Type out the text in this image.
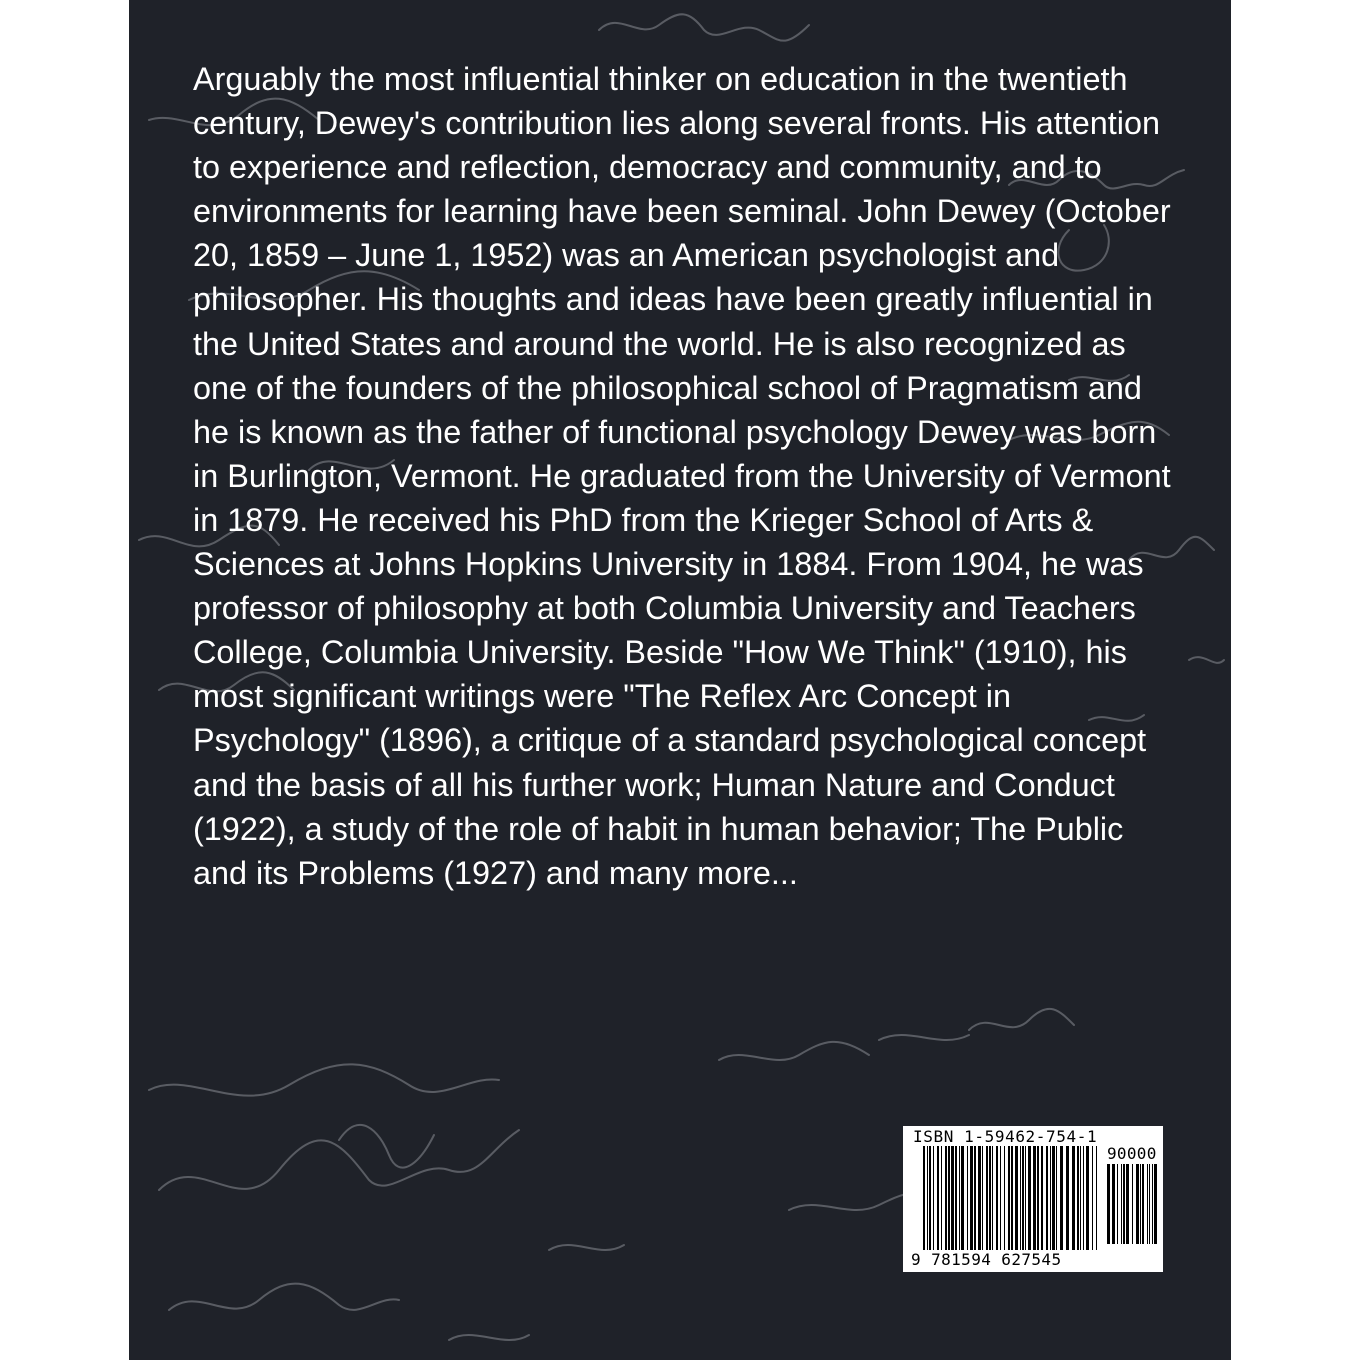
Arguably the most influential thinker on education in the twentieth century, Dewey's contribution lies along several fronts. His attention to experience and reflection, democracy and community, and to environments for learning have been seminal. John Dewey (October 20, 1859 – June 1, 1952) was an American psychologist and philosopher. His thoughts and ideas have been greatly influential in the United States and around the world. He is also recognized as one of the founders of the philosophical school of Pragmatism and he is known as the father of functional psychology Dewey was born in Burlington, Vermont. He graduated from the University of Vermont in 1879. He received his PhD from the Krieger School of Arts & Sciences at Johns Hopkins University in 1884. From 1904, he was professor of philosophy at both Columbia University and Teachers College, Columbia University. Beside "How We Think" (1910), his most significant writings were "The Reflex Arc Concept in Psychology" (1896), a critique of a standard psychological concept and the basis of all his further work; Human Nature and Conduct (1922), a study of the role of habit in human behavior; The Public and its Problems (1927) and many more...

ISBN 1-59462-754-1
90000
9 781594 627545
